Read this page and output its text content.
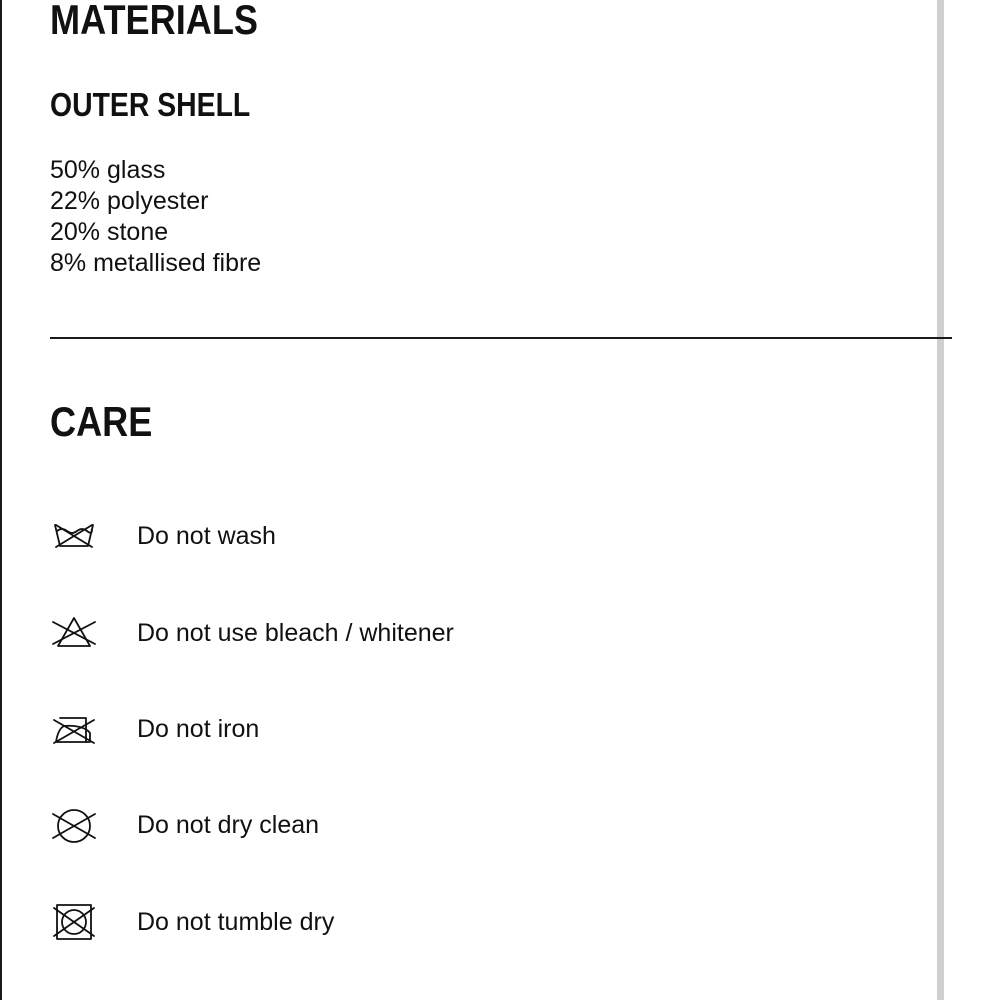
MATERIALS
OUTER SHELL
50% glass
22% polyester
20% stone
8% metallised fibre
CARE
Do not wash
Do not use bleach / whitener
Do not iron
Do not dry clean
Do not tumble dry
